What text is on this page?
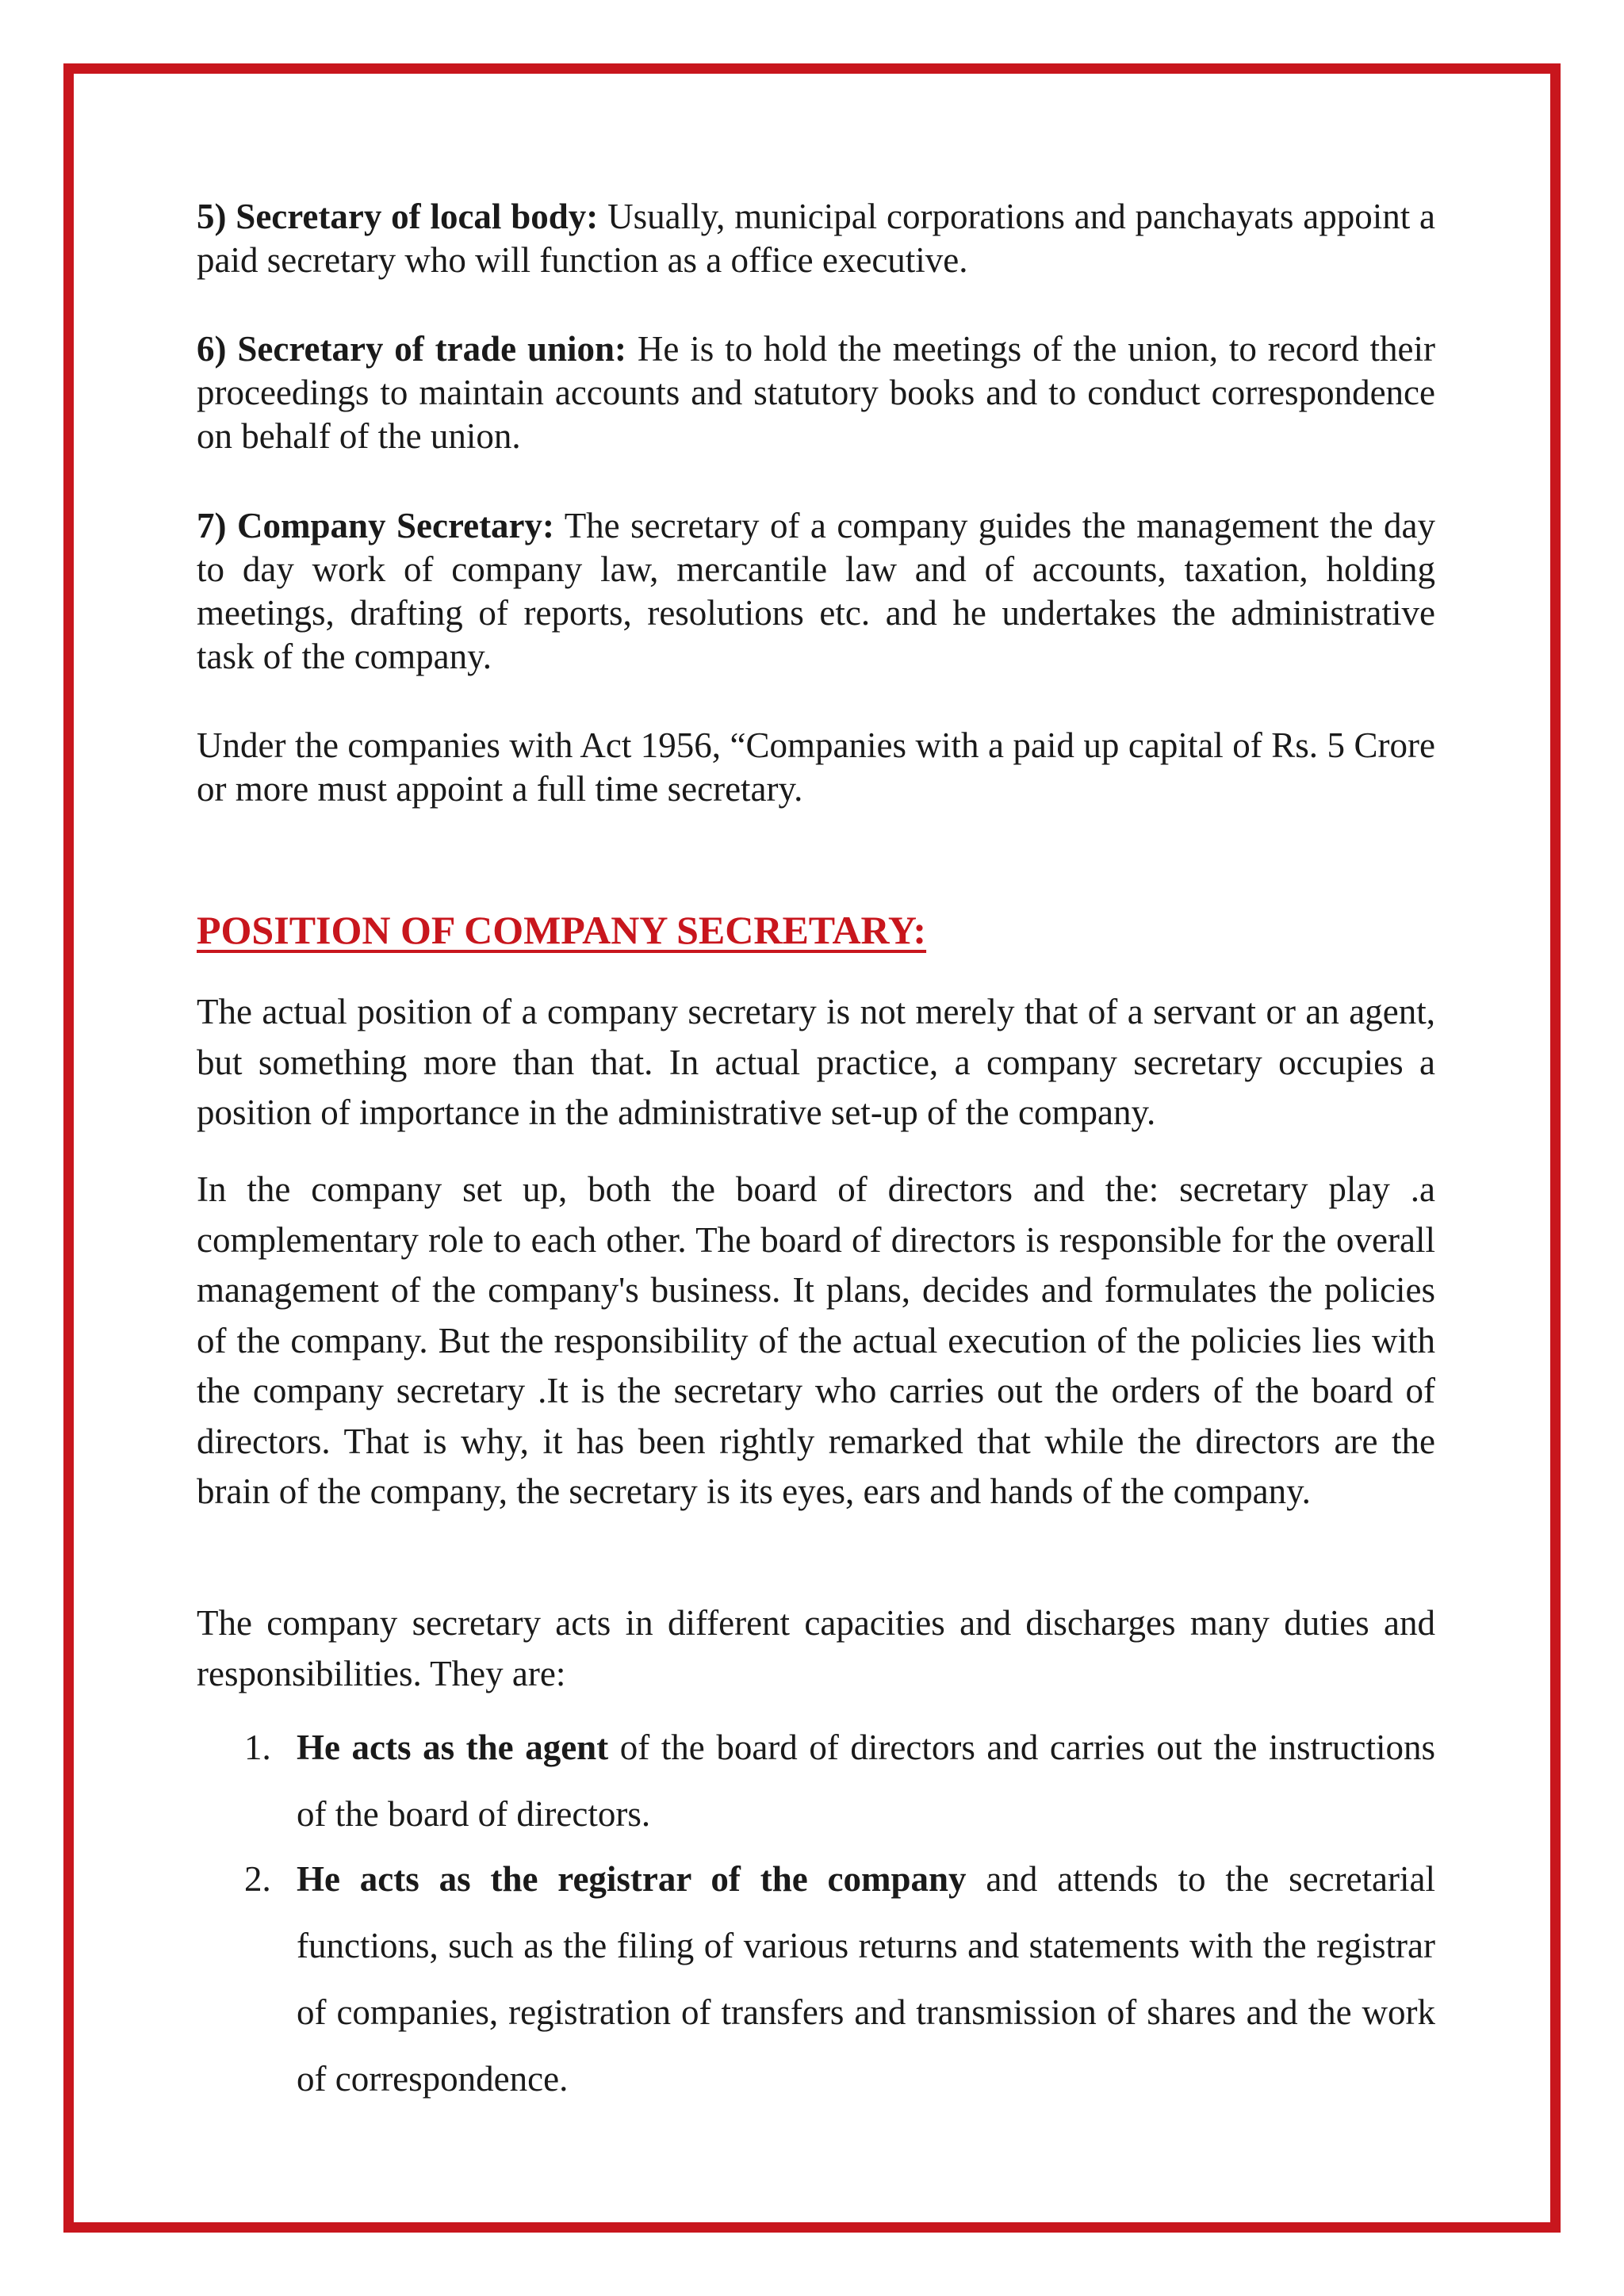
5) Secretary of local body: Usually, municipal corporations and panchayats appoint a paid secretary who will function as a office executive.

6) Secretary of trade union: He is to hold the meetings of the union, to record their proceedings to maintain accounts and statutory books and to conduct correspondence on behalf of the union.

7) Company Secretary: The secretary of a company guides the management the day to day work of company law, mercantile law and of accounts, taxation, holding meetings, drafting of reports, resolutions etc. and he undertakes the administrative task of the company.

Under the companies with Act 1956, “Companies with a paid up capital of Rs. 5 Crore or more must appoint a full time secretary.

POSITION OF COMPANY SECRETARY:

The actual position of a company secretary is not merely that of a servant or an agent, but something more than that. In actual practice, a company secretary occupies a position of importance in the administrative set-up of the company.

In the company set up, both the board of directors and the: secretary play .a complementary role to each other. The board of directors is responsible for the overall management of the company's business. It plans, decides and formulates the policies of the company. But the responsibility of the actual execution of the policies lies with the company secretary .It is the secretary who carries out the orders of the board of directors. That is why, it has been rightly remarked that while the directors are the brain of the company, the secretary is its eyes, ears and hands of the company.

The company secretary acts in different capacities and discharges many duties and responsibilities. They are:

1. He acts as the agent of the board of directors and carries out the instructions of the board of directors.
2. He acts as the registrar of the company and attends to the secretarial functions, such as the filing of various returns and statements with the registrar of companies, registration of transfers and transmission of shares and the work of correspondence.
